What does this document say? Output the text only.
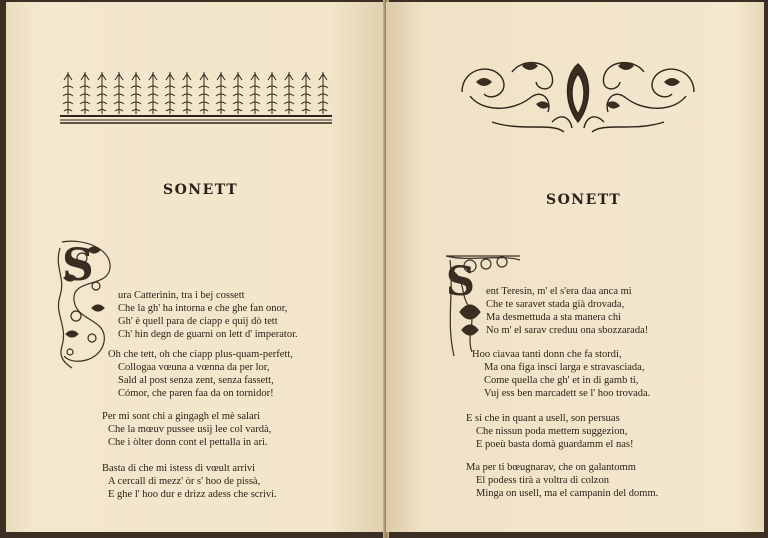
SONETT
S
ura Catterinin, tra i bej cossett
Che la gh' ha intorna e che ghe fan onor,
Gh' è quell para de ciapp e quij dò tett
Ch' hin degn de guarni on lett d' imperator.
Oh che tett, oh che ciapp plus-quam-perfett,
Collogaa vœuna a vœnna da per lor,
Sald al post senza zent, senza fassett,
Cómor, che paren faa da on tornidor!
Per mi sont chi a gingagh el mè salari
Che la mœuv pussee usij lee col vardà,
Che i òlter donn cont el pettalla in ari.
Basta di che mi istess di vœult arrivi
A cercall di mezz' òr s' hoo de pissà,
E ghe l' hoo dur e drizz adess che scrivi.
SONETT
S ent Teresin, m' el s'era daa anca mi
Che te saravet stada già drovada,
Ma desmettuda a sta manera chi
No m' el sarav creduu ona sbozzarada!
Hoo ciavaa tanti donn che fa stordi,
Ma ona figa insci larga e stravasciada,
Come quella che gh' et in di gamb ti,
Vuj ess ben marcadett se l' hoo trovada.
E si che in quant a usell, son persuas
Che nissun poda mettem suggezion,
E poeù basta domà guardamm el nas!
Ma per ti bœugnarav, che on galantomm
El podess tirà a voltra di colzon
Minga on usell, ma el campanin del domm.
